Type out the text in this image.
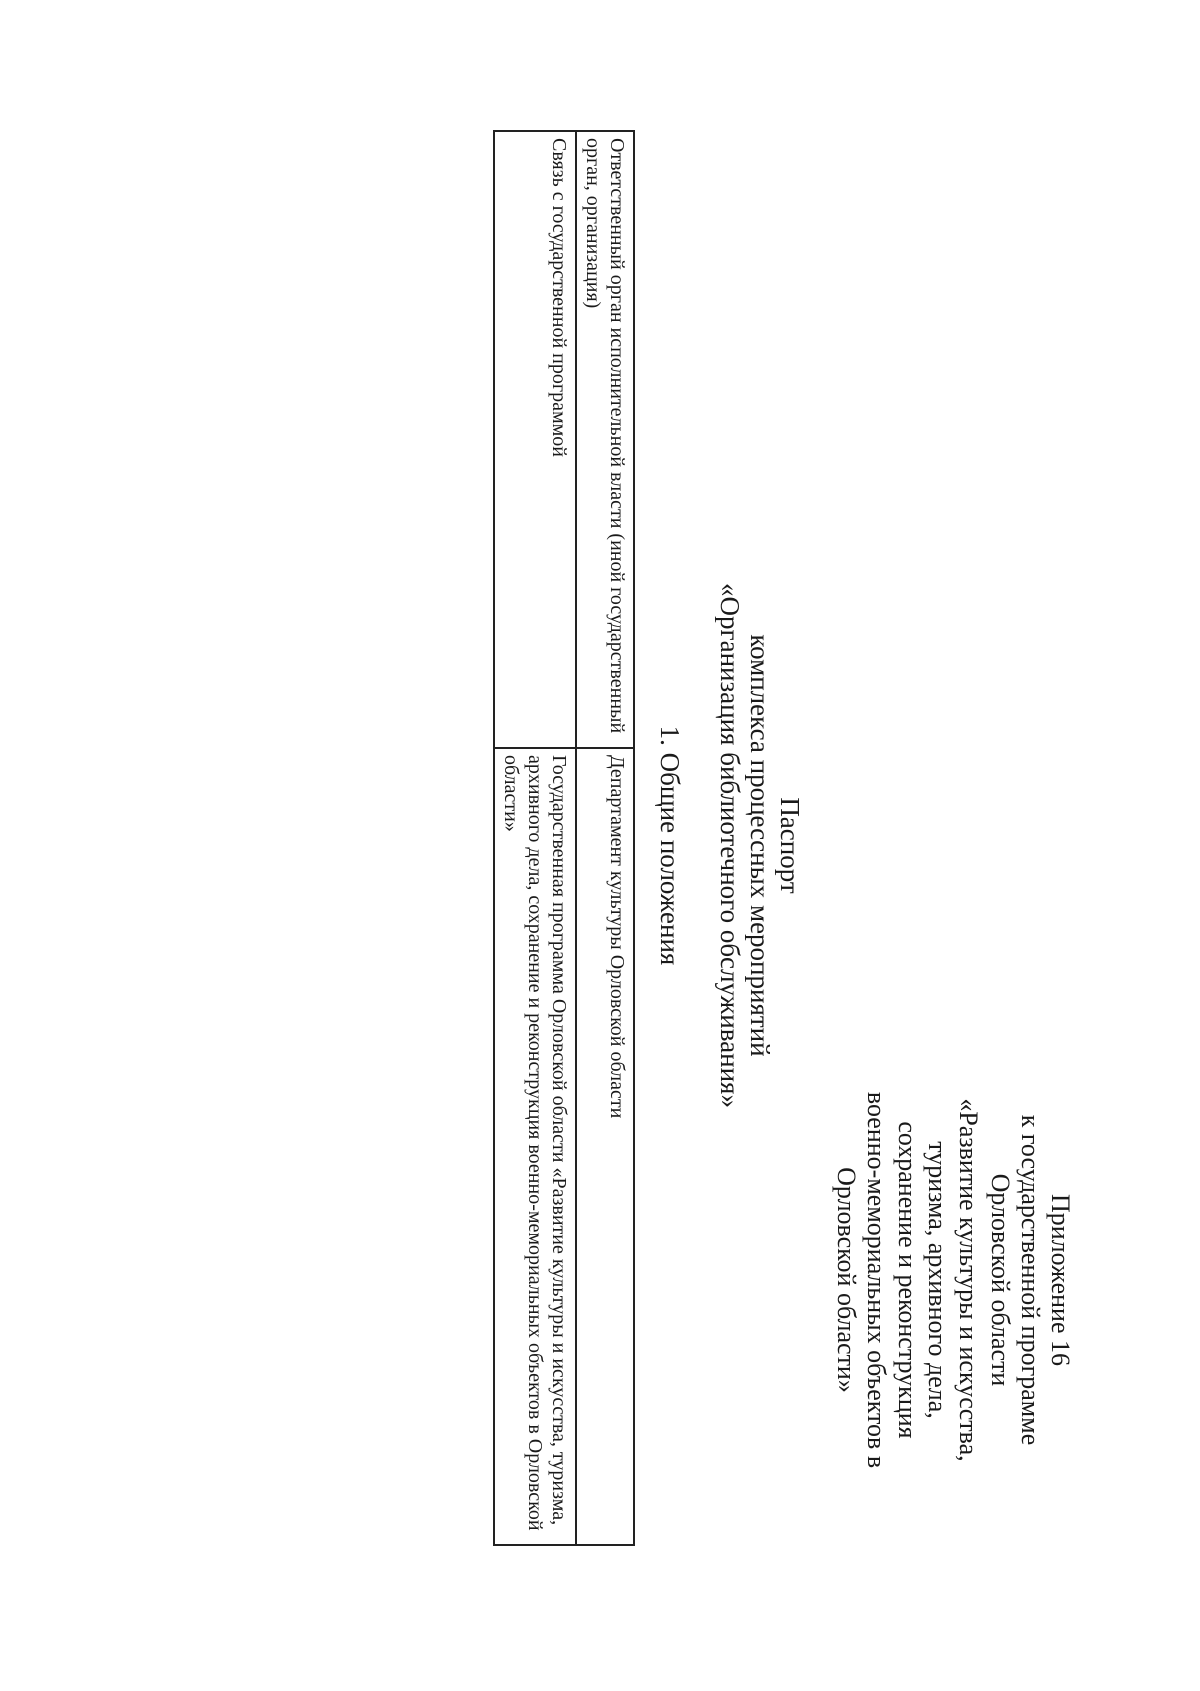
Приложение 16
к государственной программе
Орловской области
«Развитие культуры и искусства,
туризма, архивного дела,
сохранение и реконструкция
военно-мемориальных объектов в
Орловской области»
Паспорт
комплекса процессных мероприятий
«Организация библиотечного обслуживания»
1. Общие положения
Ответственный орган исполнительной власти (иной государственный орган, организация)	Департамент культуры Орловской области
Связь с государственной программой	Государственная программа Орловской области «Развитие культуры и искусства, туризма, архивного дела, сохранение и реконструкция военно-мемориальных объектов в Орловской области»
